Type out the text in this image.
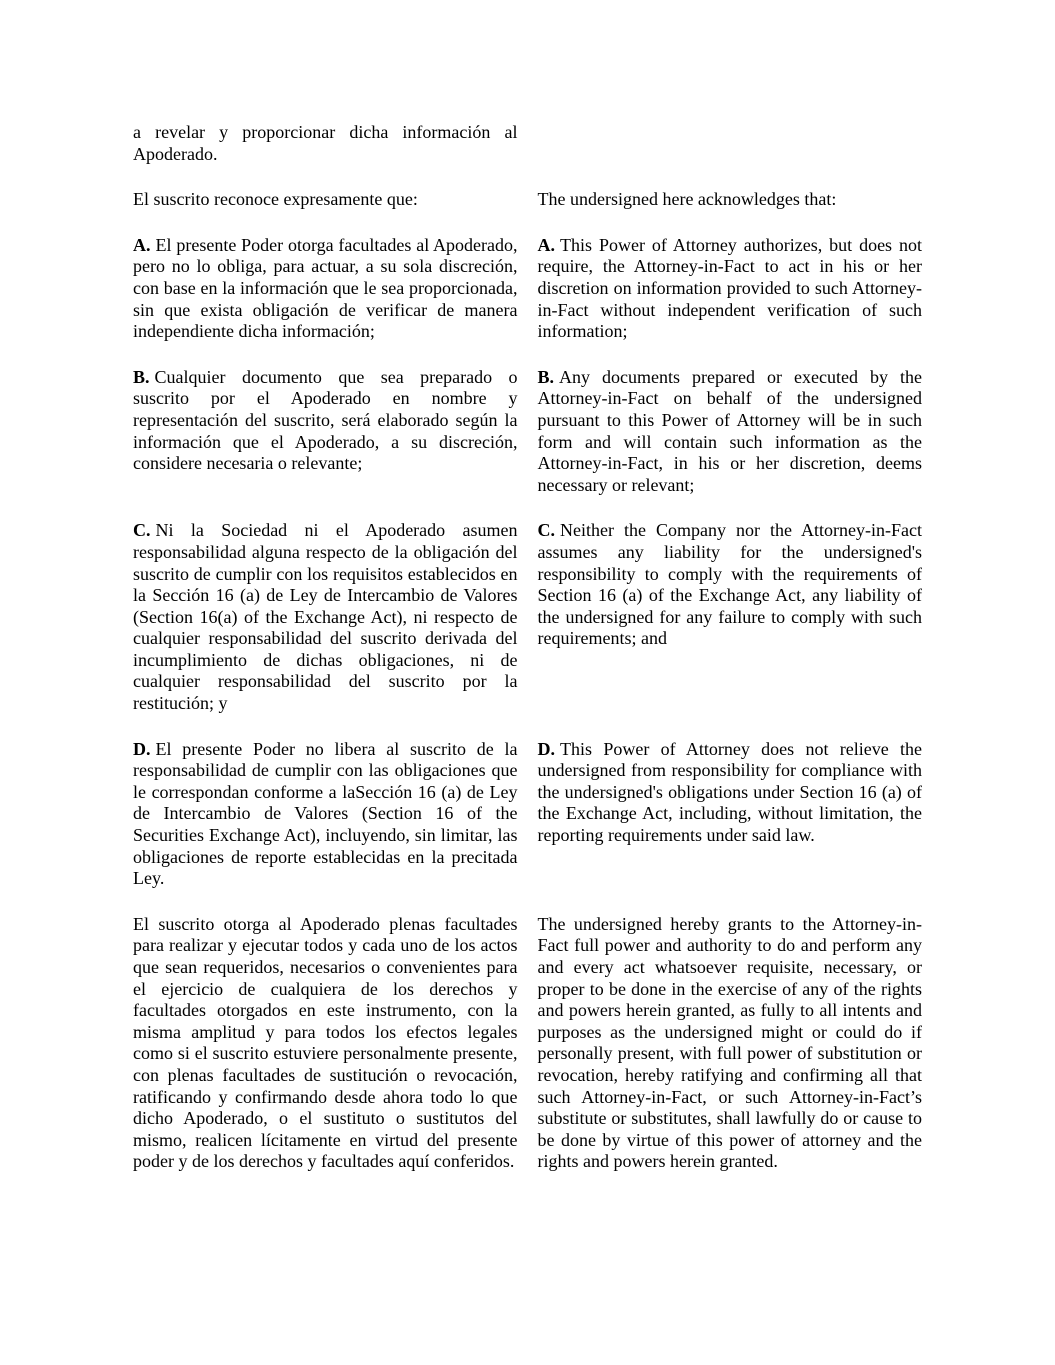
a revelar y proporcionar dicha información al Apoderado.

El suscrito reconoce expresamente que:	The undersigned here acknowledges that:

A. El presente Poder otorga facultades al Apoderado, pero no lo obliga, para actuar, a su sola discreción, con base en la información que le sea proporcionada, sin que exista obligación de verificar de manera independiente dicha información;

A. This Power of Attorney authorizes, but does not require, the Attorney-in-Fact to act in his or her discretion on information provided to such Attorney-in-Fact without independent verification of such information;

B. Cualquier documento que sea preparado o suscrito por el Apoderado en nombre y representación del suscrito, será elaborado según la información que el Apoderado, a su discreción, considere necesaria o relevante;

B. Any documents prepared or executed by the Attorney-in-Fact on behalf of the undersigned pursuant to this Power of Attorney will be in such form and will contain such information as the Attorney-in-Fact, in his or her discretion, deems necessary or relevant;

C. Ni la Sociedad ni el Apoderado asumen responsabilidad alguna respecto de la obligación del suscrito de cumplir con los requisitos establecidos en la Sección 16 (a) de Ley de Intercambio de Valores (Section 16(a) of the Exchange Act), ni respecto de cualquier responsabilidad del suscrito derivada del incumplimiento de dichas obligaciones, ni de cualquier responsabilidad del suscrito por la restitución; y

C. Neither the Company nor the Attorney-in-Fact assumes any liability for the undersigned's responsibility to comply with the requirements of Section 16 (a) of the Exchange Act, any liability of the undersigned for any failure to comply with such requirements; and

D. El presente Poder no libera al suscrito de la responsabilidad de cumplir con las obligaciones que le correspondan conforme a laSección 16 (a) de Ley de Intercambio de Valores (Section 16 of the Securities Exchange Act), incluyendo, sin limitar, las obligaciones de reporte establecidas en la precitada Ley.

D. This Power of Attorney does not relieve the undersigned from responsibility for compliance with the undersigned's obligations under Section 16 (a) of the Exchange Act, including, without limitation, the reporting requirements under said law.

El suscrito otorga al Apoderado plenas facultades para realizar y ejecutar todos y cada uno de los actos que sean requeridos, necesarios o convenientes para el ejercicio de cualquiera de los derechos y facultades otorgados en este instrumento, con la misma amplitud y para todos los efectos legales como si el suscrito estuviere personalmente presente, con plenas facultades de sustitución o revocación, ratificando y confirmando desde ahora todo lo que dicho Apoderado, o el sustituto o sustitutos del mismo, realicen lícitamente en virtud del presente poder y de los derechos y facultades aquí conferidos.

The undersigned hereby grants to the Attorney-in-Fact full power and authority to do and perform any and every act whatsoever requisite, necessary, or proper to be done in the exercise of any of the rights and powers herein granted, as fully to all intents and purposes as the undersigned might or could do if personally present, with full power of substitution or revocation, hereby ratifying and confirming all that such Attorney-in-Fact, or such Attorney-in-Fact’s substitute or substitutes, shall lawfully do or cause to be done by virtue of this power of attorney and the rights and powers herein granted.
